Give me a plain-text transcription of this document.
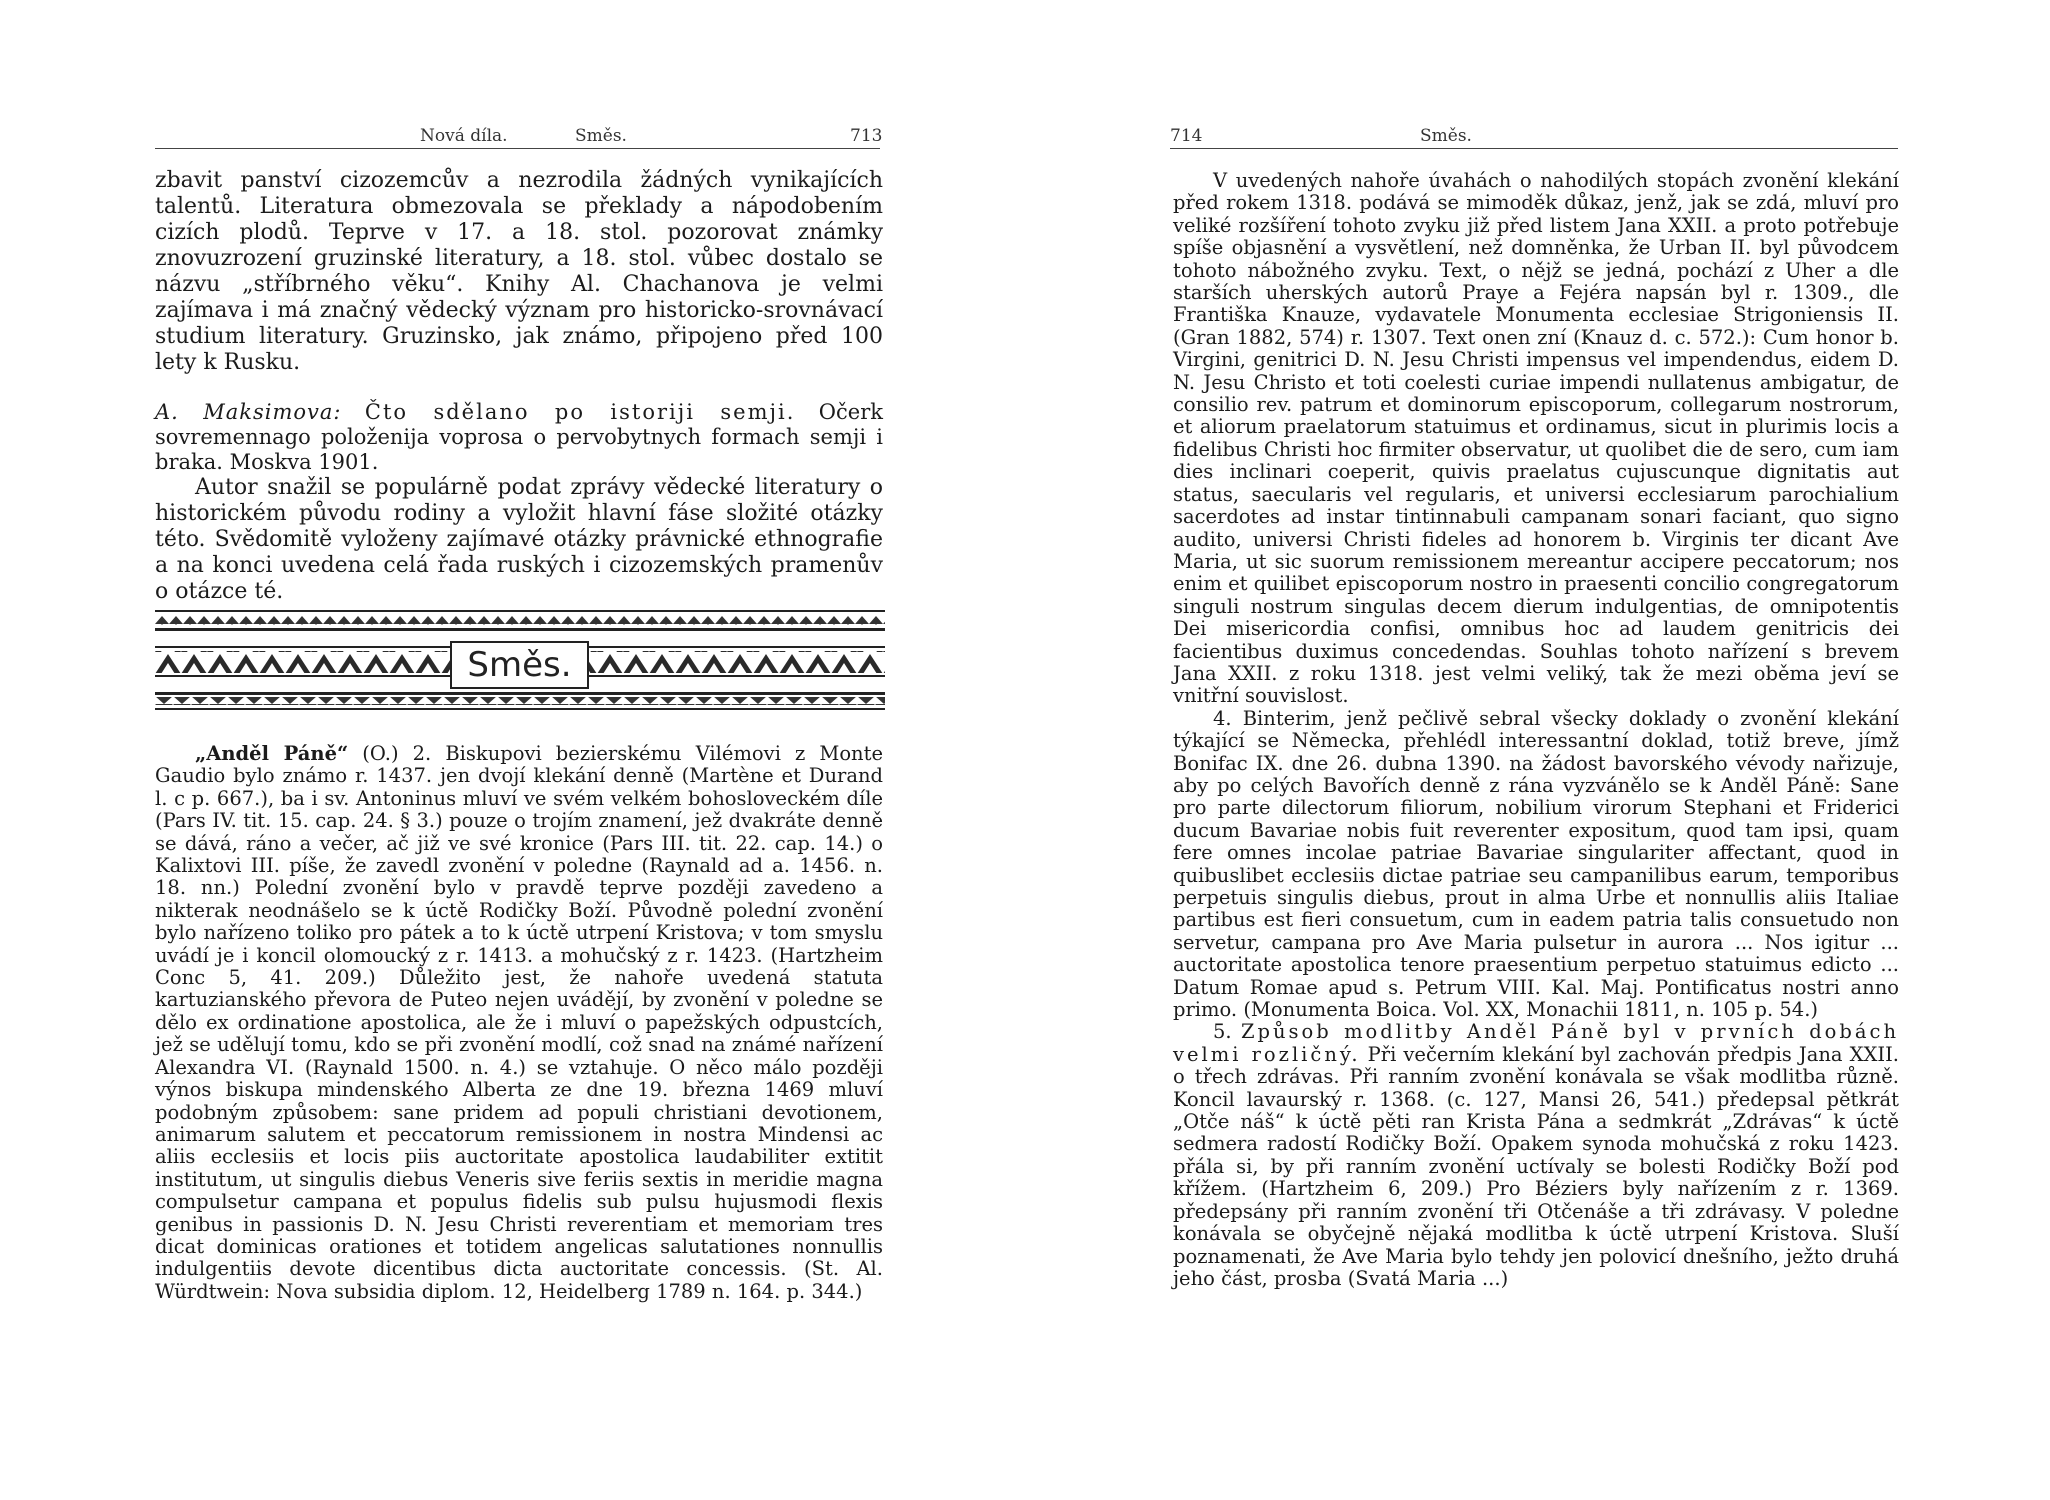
Nová díla.	Směs.	713

zbavit panství cizozemcův a nezrodila žádných vynikajících talentů. Literatura obmezovala se překlady a nápodobením cizích plodů. Teprve v 17. a 18. stol. pozorovat známky znovuzrození gruzinské literatury, a 18. stol. vůbec dostalo se názvu „stříbrného věku“. Knihy Al. Chachanova je velmi zajímava i má značný vědecký význam pro historicko-srovnávací studium literatury. Gruzinsko, jak známo, připojeno před 100 lety k Rusku.

A. Maksimova: Čto sdělano po istoriji semji. Očerk sovremennago položenija voprosa o pervobytnych formach semji i braka. Moskva 1901.

Autor snažil se populárně podat zprávy vědecké literatury o historickém původu rodiny a vyložit hlavní fáse složité otázky této. Svědomitě vyloženy zajímavé otázky právnické ethnografie a na konci uvedena celá řada ruských i cizozemských pramenův o otázce té.

Směs.

„Anděl Páně“ (O.) 2. Biskupovi bezierskému Vilémovi z Monte Gaudio bylo známo r. 1437. jen dvojí klekání denně (Martène et Durand l. c p. 667.), ba i sv. Antoninus mluví ve svém velkém bohosloveckém díle (Pars IV. tit. 15. cap. 24. § 3.) pouze o trojím znamení, jež dvakráte denně se dává, ráno a večer, ač již ve své kronice (Pars III. tit. 22. cap. 14.) o Kalixtovi III. píše, že zavedl zvonění v poledne (Raynald ad a. 1456. n. 18. nn.) Polední zvonění bylo v pravdě teprve později zavedeno a nikterak neodnášelo se k úctě Rodičky Boží. Původně polední zvonění bylo nařízeno toliko pro pátek a to k úctě utrpení Kristova; v tom smyslu uvádí je i koncil olomoucký z r. 1413. a mohučský z r. 1423. (Hartzheim Conc 5, 41. 209.) Důležito jest, že nahoře uvedená statuta kartuzianského převora de Puteo nejen uvádějí, by zvonění v poledne se dělo ex ordinatione apostolica, ale že i mluví o papežských odpustcích, jež se udělují tomu, kdo se při zvonění modlí, což snad na známé nařízení Alexandra VI. (Raynald 1500. n. 4.) se vztahuje. O něco málo později výnos biskupa mindenského Alberta ze dne 19. března 1469 mluví podobným způsobem: sane pridem ad populi christiani devotionem, animarum salutem et peccatorum remissionem in nostra Mindensi ac aliis ecclesiis et locis piis auctoritate apostolica laudabiliter extitit institutum, ut singulis diebus Veneris sive feriis sextis in meridie magna compulsetur campana et populus fidelis sub pulsu hujusmodi flexis genibus in passionis D. N. Jesu Christi reverentiam et memoriam tres dicat dominicas orationes et totidem angelicas salutationes nonnullis indulgentiis devote dicentibus dicta auctoritate concessis. (St. Al. Würdtwein: Nova subsidia diplom. 12, Heidelberg 1789 n. 164. p. 344.)

714	Směs.

V uvedených nahoře úvahách o nahodilých stopách zvonění klekání před rokem 1318. podává se mimoděk důkaz, jenž, jak se zdá, mluví pro veliké rozšíření tohoto zvyku již před listem Jana XXII. a proto potřebuje spíše objasnění a vysvětlení, než domněnka, že Urban II. byl původcem tohoto nábožného zvyku. Text, o nějž se jedná, pochází z Uher a dle starších uherských autorů Praye a Fejéra napsán byl r. 1309., dle Františka Knauze, vydavatele Monumenta ecclesiae Strigoniensis II. (Gran 1882, 574) r. 1307. Text onen zní (Knauz d. c. 572.): Cum honor b. Virgini, genitrici D. N. Jesu Christi impensus vel impendendus, eidem D. N. Jesu Christo et toti coelesti curiae impendi nullatenus ambigatur, de consilio rev. patrum et dominorum episcoporum, collegarum nostrorum, et aliorum praelatorum statuimus et ordinamus, sicut in plurimis locis a fidelibus Christi hoc firmiter observatur, ut quolibet die de sero, cum iam dies inclinari coeperit, quivis praelatus cujuscunque dignitatis aut status, saecularis vel regularis, et universi ecclesiarum parochialium sacerdotes ad instar tintinnabuli campanam sonari faciant, quo signo audito, universi Christi fideles ad honorem b. Virginis ter dicant Ave Maria, ut sic suorum remissionem mereantur accipere peccatorum; nos enim et quilibet episcoporum nostro in praesenti concilio congregatorum singuli nostrum singulas decem dierum indulgentias, de omnipotentis Dei misericordia confisi, omnibus hoc ad laudem genitricis dei facientibus duximus concedendas. Souhlas tohoto nařízení s brevem Jana XXII. z roku 1318. jest velmi veliký, tak že mezi oběma jeví se vnitřní souvislost.

4. Binterim, jenž pečlivě sebral všecky doklady o zvonění klekání týkající se Německa, přehlédl interessantní doklad, totiž breve, jímž Bonifac IX. dne 26. dubna 1390. na žádost bavorského vévody nařizuje, aby po celých Bavořích denně z rána vyzvánělo se k Anděl Páně: Sane pro parte dilectorum filiorum, nobilium virorum Stephani et Friderici ducum Bavariae nobis fuit reverenter expositum, quod tam ipsi, quam fere omnes incolae patriae Bavariae singulariter affectant, quod in quibuslibet ecclesiis dictae patriae seu campanilibus earum, temporibus perpetuis singulis diebus, prout in alma Urbe et nonnullis aliis Italiae partibus est fieri consuetum, cum in eadem patria talis consuetudo non servetur, campana pro Ave Maria pulsetur in aurora ... Nos igitur ... auctoritate apostolica tenore praesentium perpetuo statuimus edicto ... Datum Romae apud s. Petrum VIII. Kal. Maj. Pontificatus nostri anno primo. (Monumenta Boica. Vol. XX, Monachii 1811, n. 105 p. 54.)

5. Způsob modlitby Anděl Páně byl v prvních dobách velmi rozličný. Při večerním klekání byl zachován předpis Jana XXII. o třech zdrávas. Při ranním zvonění konávala se však modlitba různě. Koncil lavaurský r. 1368. (c. 127, Mansi 26, 541.) předepsal pětkrát „Otče náš“ k úctě pěti ran Krista Pána a sedmkrát „Zdrávas“ k úctě sedmera radostí Rodičky Boží. Opakem synoda mohučská z roku 1423. přála si, by při ranním zvonění uctívaly se bolesti Rodičky Boží pod křížem. (Hartzheim 6, 209.) Pro Béziers byly nařízením z r. 1369. předepsány při ranním zvonění tři Otčenáše a tři zdrávasy. V poledne konávala se obyčejně nějaká modlitba k úctě utrpení Kristova. Sluší poznamenati, že Ave Maria bylo tehdy jen polovicí dnešního, ježto druhá jeho část, prosba (Svatá Maria ...)
